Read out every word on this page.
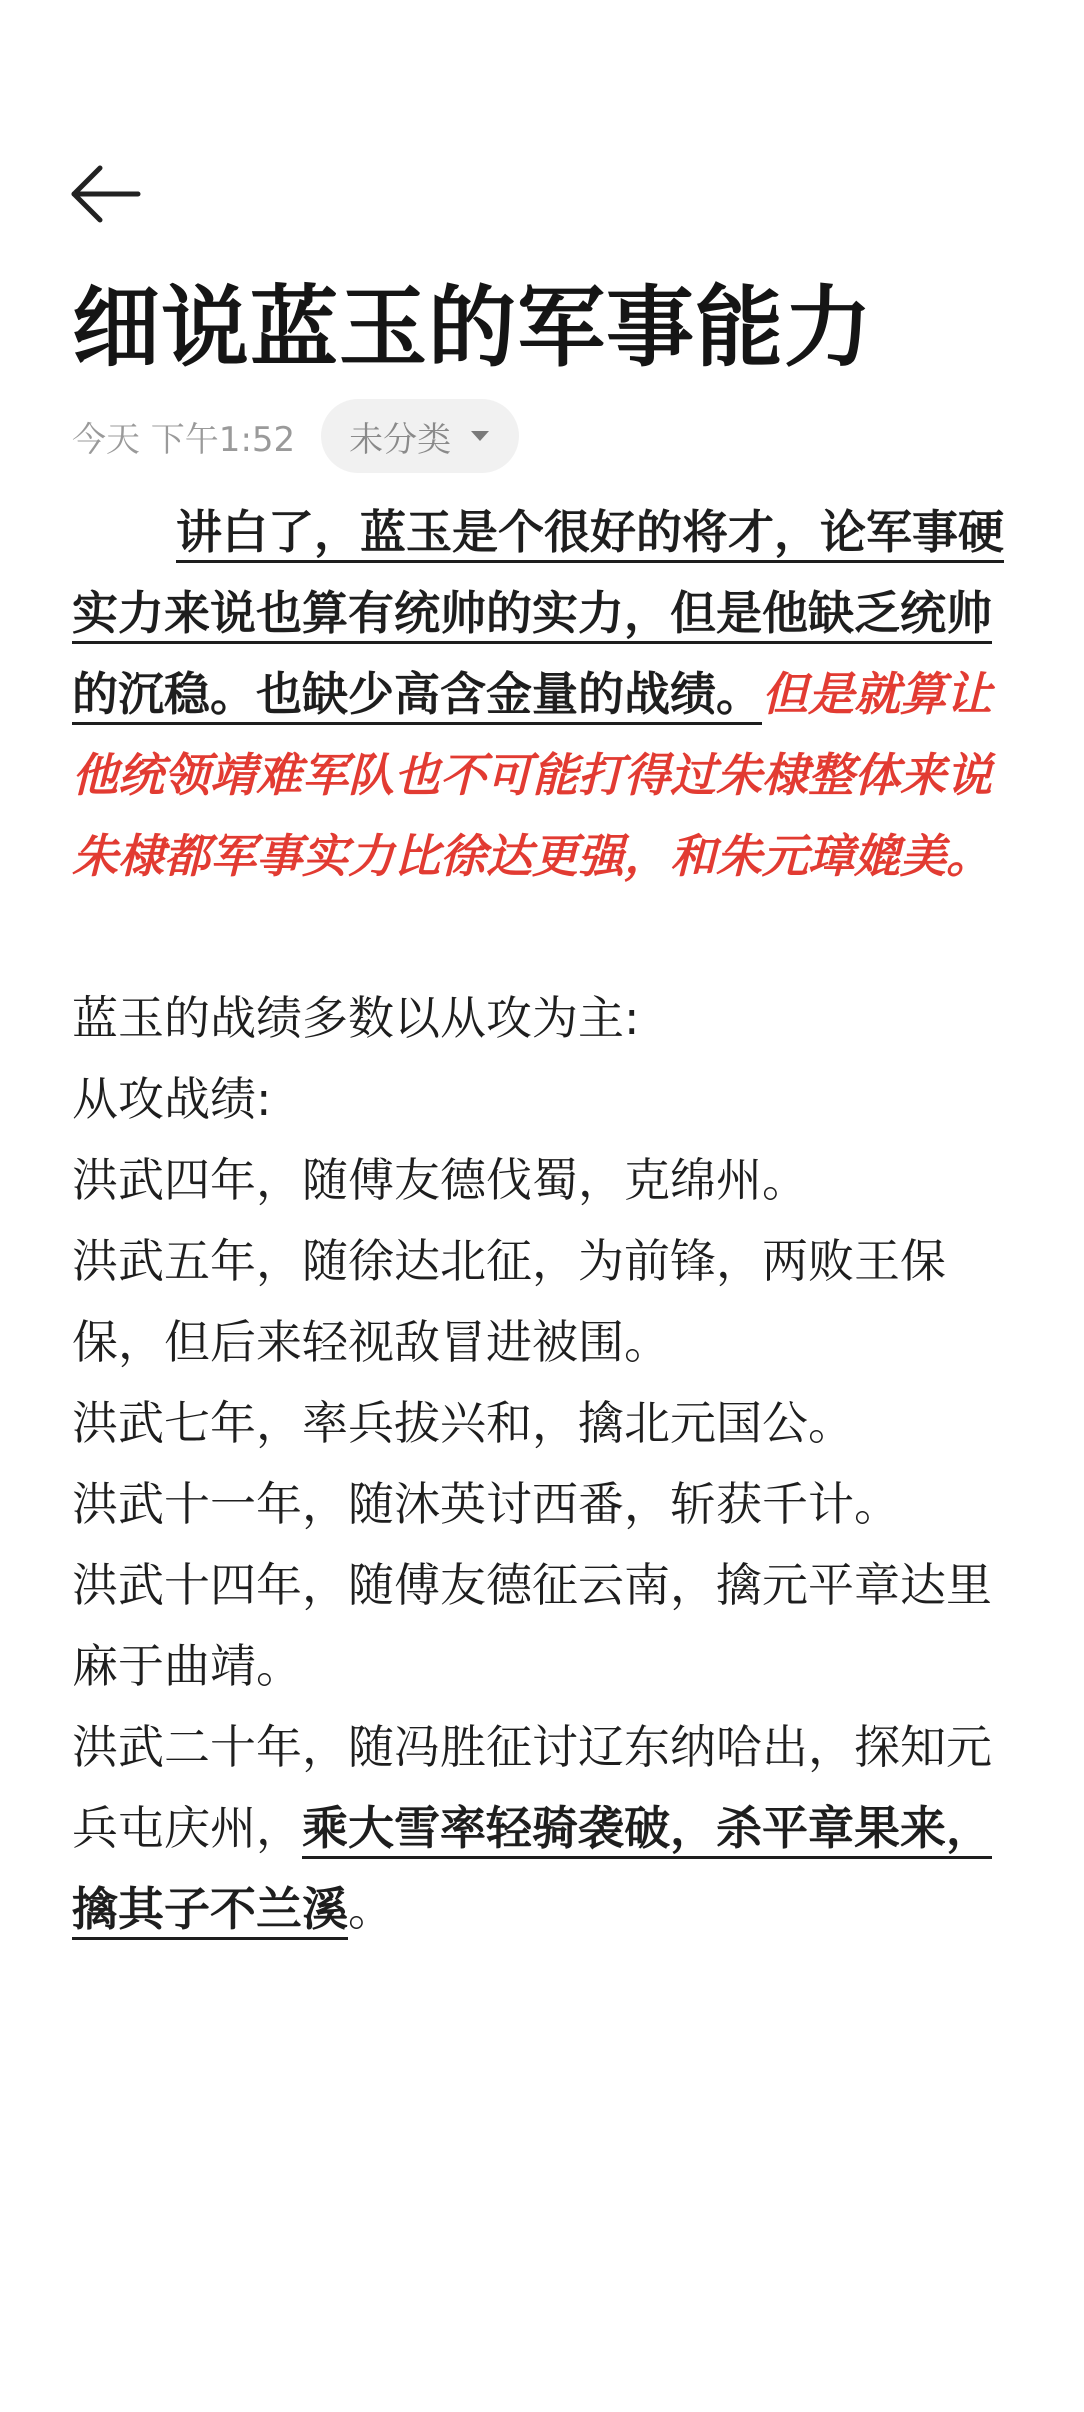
细说蓝玉的军事能力
今天 下午1:52 未分类

讲白了，蓝玉是个很好的将才，论军事硬实力来说也算有统帅的实力，但是他缺乏统帅的沉稳。也缺少高含金量的战绩。但是就算让他统领靖难军队也不可能打得过朱棣整体来说朱棣都军事实力比徐达更强，和朱元璋媲美。

蓝玉的战绩多数以从攻为主:

从攻战绩:

洪武四年，随傅友德伐蜀，克绵州。

洪武五年，随徐达北征，为前锋，两败王保保，但后来轻视敌冒进被围。

洪武七年，率兵拔兴和，擒北元国公。

洪武十一年，随沐英讨西番，斩获千计。

洪武十四年，随傅友德征云南，擒元平章达里麻于曲靖。

洪武二十年，随冯胜征讨辽东纳哈出，探知元兵屯庆州，乘大雪率轻骑袭破，杀平章果来，擒其子不兰溪。
